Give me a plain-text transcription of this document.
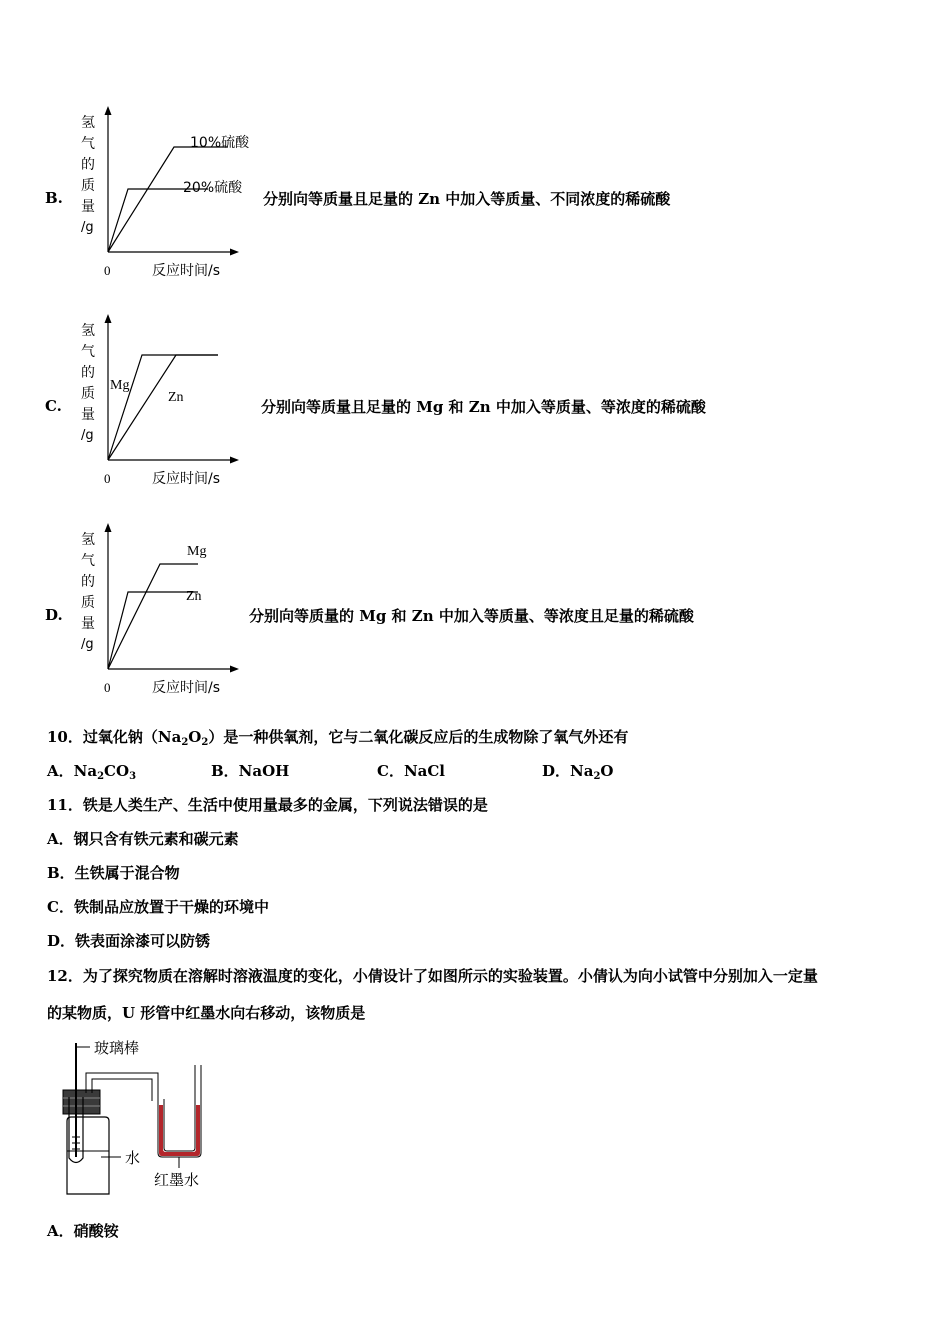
B.
氢
气
的
质
量
/g
0	反应时间/s
10%硫酸
20%硫酸
分别向等质量且足量的 Zn 中加入等质量、不同浓度的稀硫酸
C.
氢
气
的
质
量
/g
0	反应时间/s
Mg
Zn
分别向等质量且足量的 Mg 和 Zn 中加入等质量、等浓度的稀硫酸
D.
氢
气
的
质
量
/g
0	反应时间/s
Mg
Zn
分别向等质量的 Mg 和 Zn 中加入等质量、等浓度且足量的稀硫酸
10．过氧化钠$(Na_2O_2)$是一种供氧剂，它与二氧化碳反应后的生成物除了氧气外还有
A．$Na_2CO_3$	B．NaOH	C．NaCl	D．$Na_2O$
11．铁是人类生产、生活中使用量最多的金属，下列说法错误的是
A．钢只含有铁元素和碳元素
B．生铁属于混合物
C．铁制品应放置于干燥的环境中
D．铁表面涂漆可以防锈
12．为了探究物质在溶解时溶液温度的变化，小倩设计了如图所示的实验装置。小倩认为向小试管中分别加入一定量
的某物质，U 形管中红墨水向右移动，该物质是
玻璃棒
水
红墨水
A．硝酸铵
